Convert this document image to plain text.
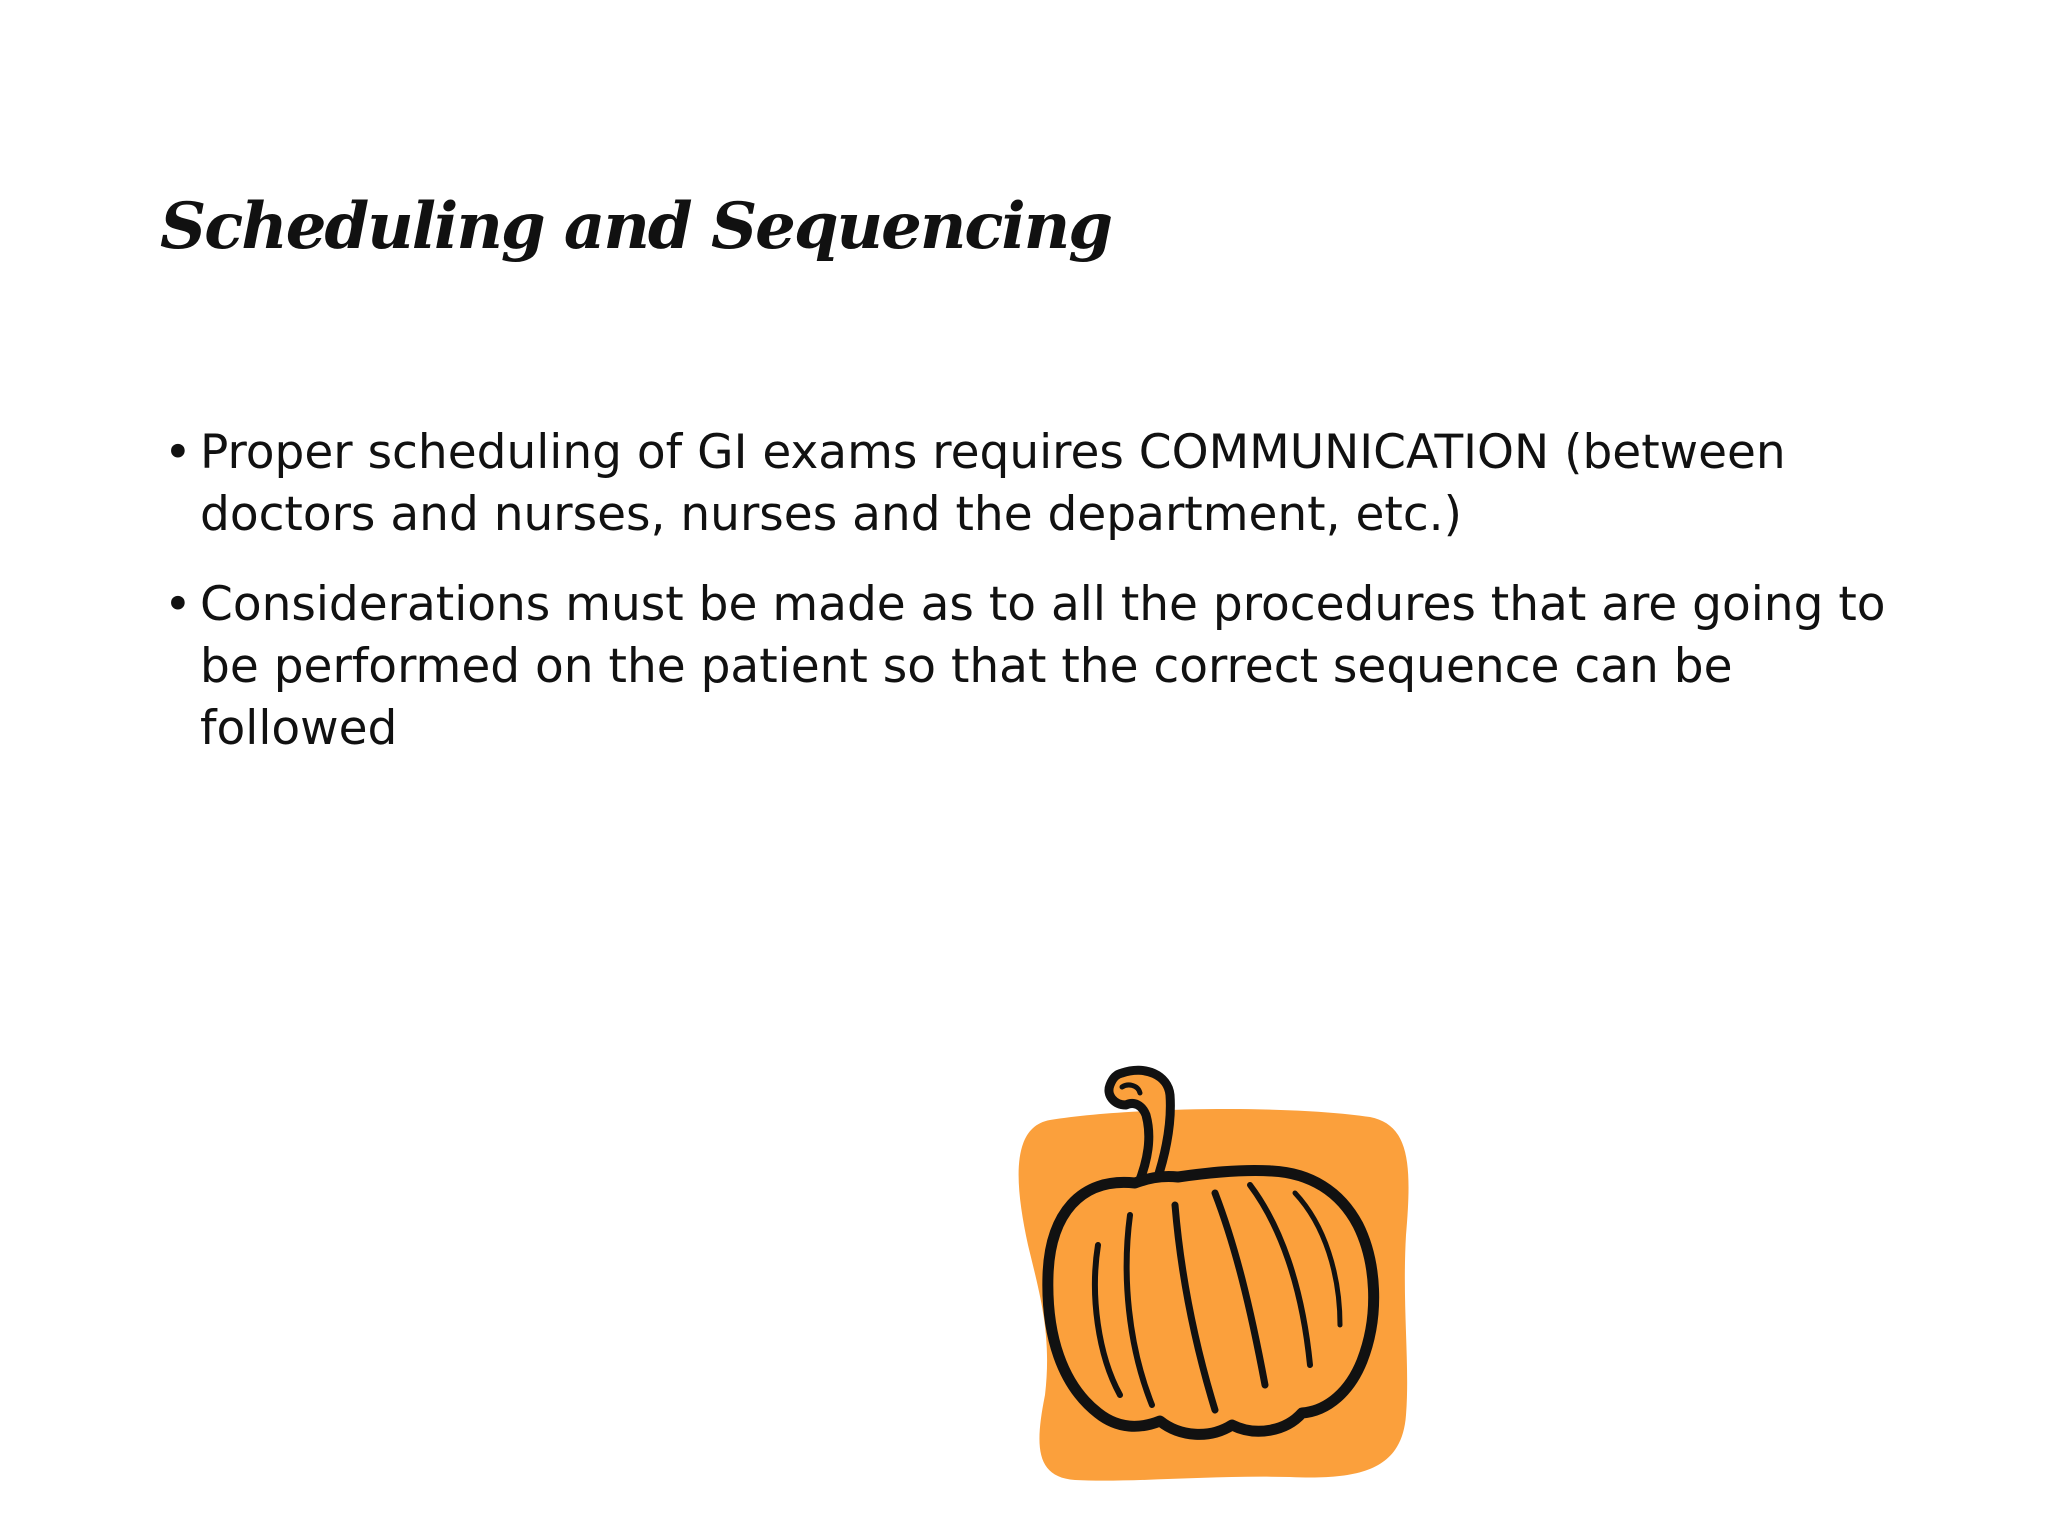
Scheduling and Sequencing
• Proper scheduling of GI exams requires COMMUNICATION (between doctors and nurses, nurses and the department, etc.)
• Considerations must be made as to all the procedures that are going to be performed on the patient so that the correct sequence can be followed
